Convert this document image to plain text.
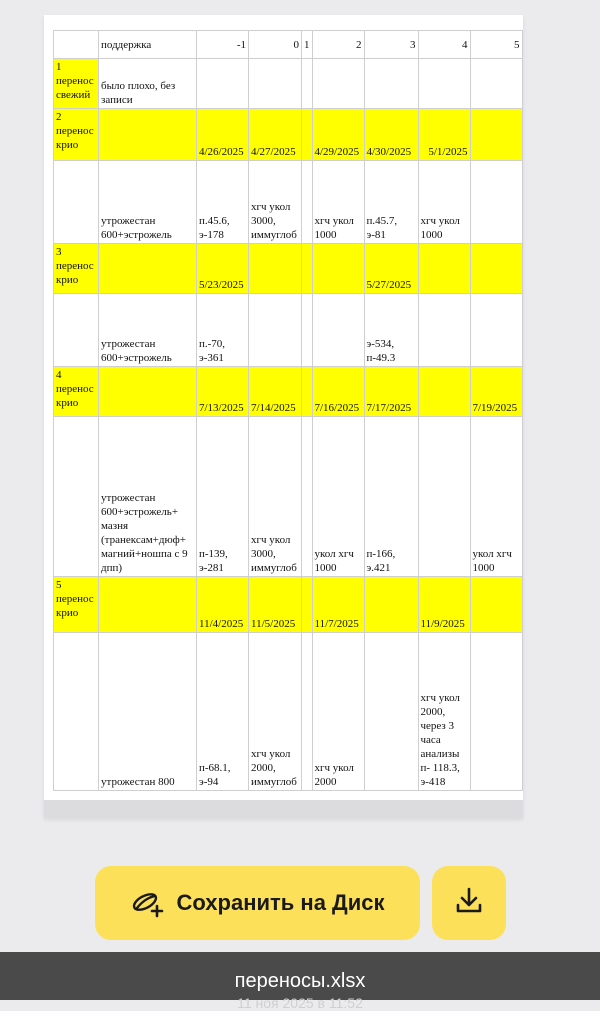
	поддержка	-1	0	1	2	3	4	5
1 перенос свежий	было плохо, без записи							
2 перенос крио		4/26/2025	4/27/2025		4/29/2025	4/30/2025	5/1/2025	
	утрожестан 600+эстрожель	п.45.6, э-178	хгч укол 3000, иммуглоб		хгч укол 1000	п.45.7, э-81	хгч укол 1000	
3 перенос крио		5/23/2025				5/27/2025		
	утрожестан 600+эстрожель	п.-70, э-361				э-534, п-49.3		
4 перенос крио		7/13/2025	7/14/2025		7/16/2025	7/17/2025		7/19/2025
	утрожестан 600+эстрожель+ мазня (транексам+дюф+ магний+ношпа с 9 дпп)	п-139, э-281	хгч укол 3000, иммуглоб		укол хгч 1000	п-166, э.421		укол хгч 1000
5 перенос крио		11/4/2025	11/5/2025		11/7/2025		11/9/2025	
	утрожестан 800	п-68.1, э-94	хгч укол 2000, иммуглоб		хгч укол 2000		хгч укол 2000, через 3 часа анализы п- 118.3, э-418	
Сохранить на Диск
переносы.xlsx
11 ноя 2025 в 11:52
